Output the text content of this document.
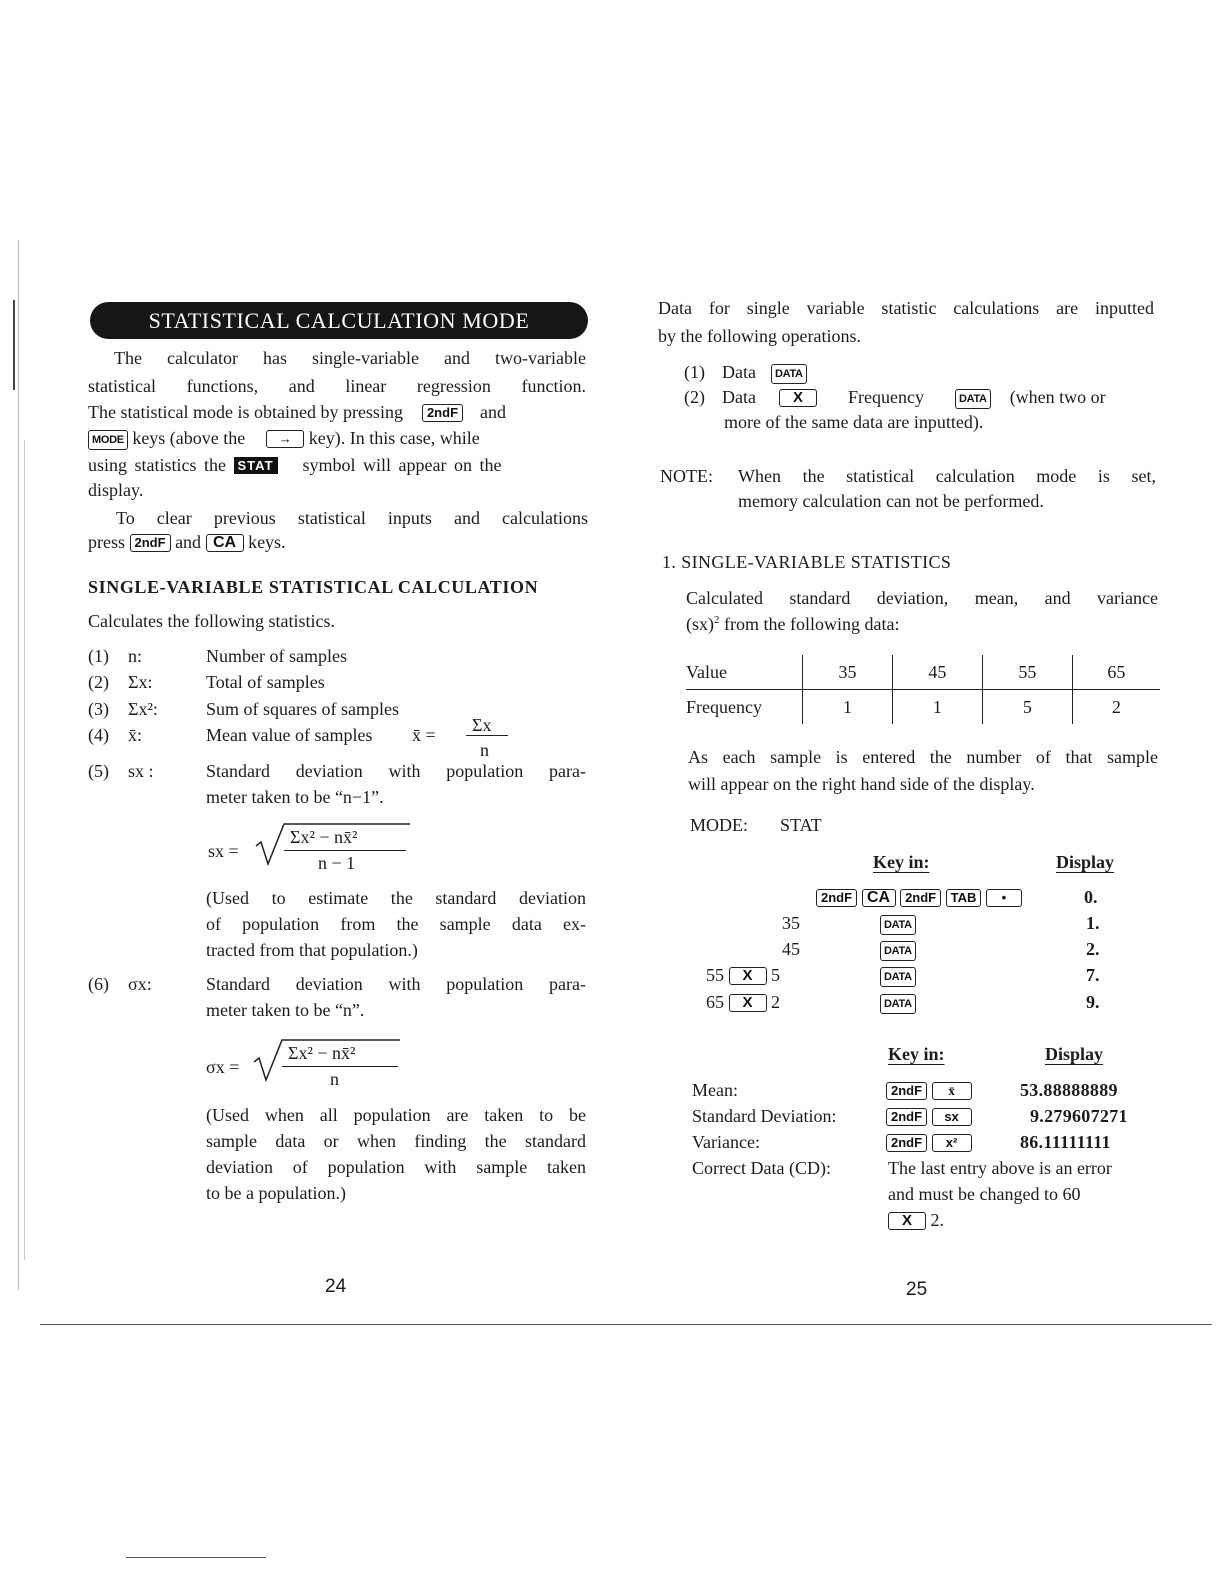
STATISTICAL CALCULATION MODE
The calculator has single-variable and two-variable
statistical functions, and linear regression function.
The statistical mode is obtained by pressing 2ndF and
MODE keys (above the	→ key). In this case, while
using statistics the STAT symbol will appear on the
display.
To clear previous statistical inputs and calculations
press 2ndF and CA keys.
SINGLE-VARIABLE STATISTICAL CALCULATION
Calculates the following statistics.
(1) n:	Number of samples
(2) Σx:	Total of samples
(3) Σx²:	Sum of squares of samples
(4) x̄:	Mean value of samples x̄ = Σx
n
(5) sx :	Standard deviation with population para-
meter taken to be “n−1”.
sx =
Σx² − nx̄²
n − 1
(Used to estimate the standard deviation
of population from the sample data ex-
tracted from that population.)
(6) σx:	Standard deviation with population para-
meter taken to be “n”.
σx =
Σx² − nx̄²
n
(Used when all population are taken to be
sample data or when finding the standard
deviation of population with sample taken
to be a population.)
24
Data for single variable statistic calculations are inputted
by the following operations.
(1) Data DATA
(2) Data X	Frequency	DATA (when two or
more of the same data are inputted).
NOTE: When the statistical calculation mode is set,
memory calculation can not be performed.
1. SINGLE-VARIABLE STATISTICS
Calculated standard deviation, mean, and variance
(sx)$^2$ from the following data:
Value	35	45	55	65
Frequency	1	1	5	2
As each sample is entered the number of that sample
will appear on the right hand side of the display.
MODE: STAT
Key in:	Display
2ndF CA 2ndF TAB •	0.
35	DATA	1.
45	DATA	2.
55 X 5	DATA	7.
65 X 2	DATA	9.
Key in:	Display
Mean:	2ndF x̄	53.88888889
Standard Deviation:	2ndF sx	9.279607271
Variance:	2ndF x²	86.11111111
Correct Data (CD):	The last entry above is an error
and must be changed to 60
X 2.
25
